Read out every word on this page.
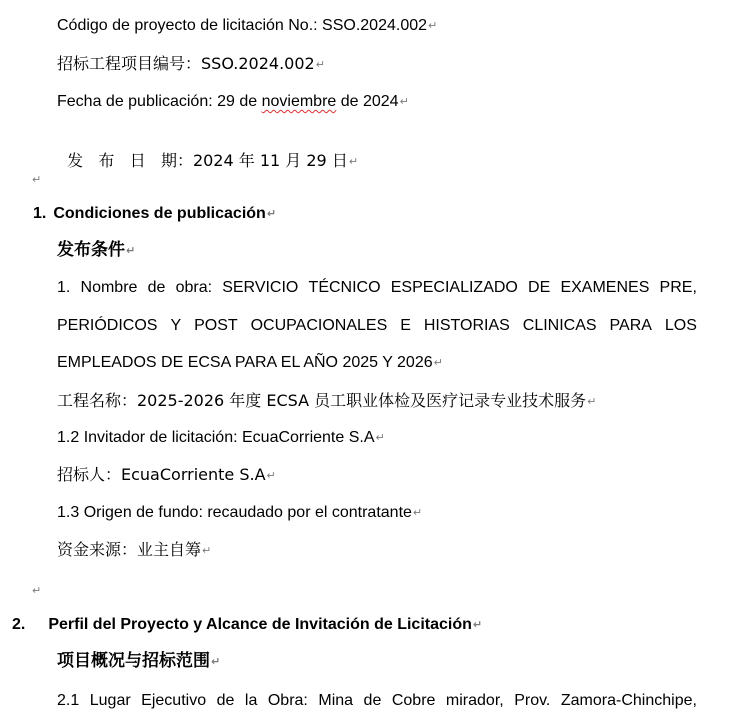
Código de proyecto de licitación No.: SSO.2024.002↵
招标工程项目编号：SSO.2024.002↵
Fecha de publicación: 29 de noviembre de 2024↵

发   布   日   期：2024 年 11 月 29 日↵

↵
1. Condiciones de publicación↵
发布条件↵
1. Nombre de obra: SERVICIO TÉCNICO ESPECIALIZADO DE EXAMENES PRE,
PERIÓDICOS Y POST OCUPACIONALES E HISTORIAS CLINICAS PARA LOS
EMPLEADOS DE ECSA PARA EL AÑO 2025 Y 2026↵
工程名称：2025-2026 年度 ECSA 员工职业体检及医疗记录专业技术服务↵
1.2 Invitador de licitación: EcuaCorriente S.A↵
招标人：EcuaCorriente S.A↵
1.3 Origen de fundo: recaudado por el contratante↵
资金来源：业主自筹↵
↵
2. Perfil del Proyecto y Alcance de Invitación de Licitación↵
项目概况与招标范围↵
2.1 Lugar Ejecutivo de la Obra: Mina de Cobre mirador, Prov. Zamora-Chinchipe,
